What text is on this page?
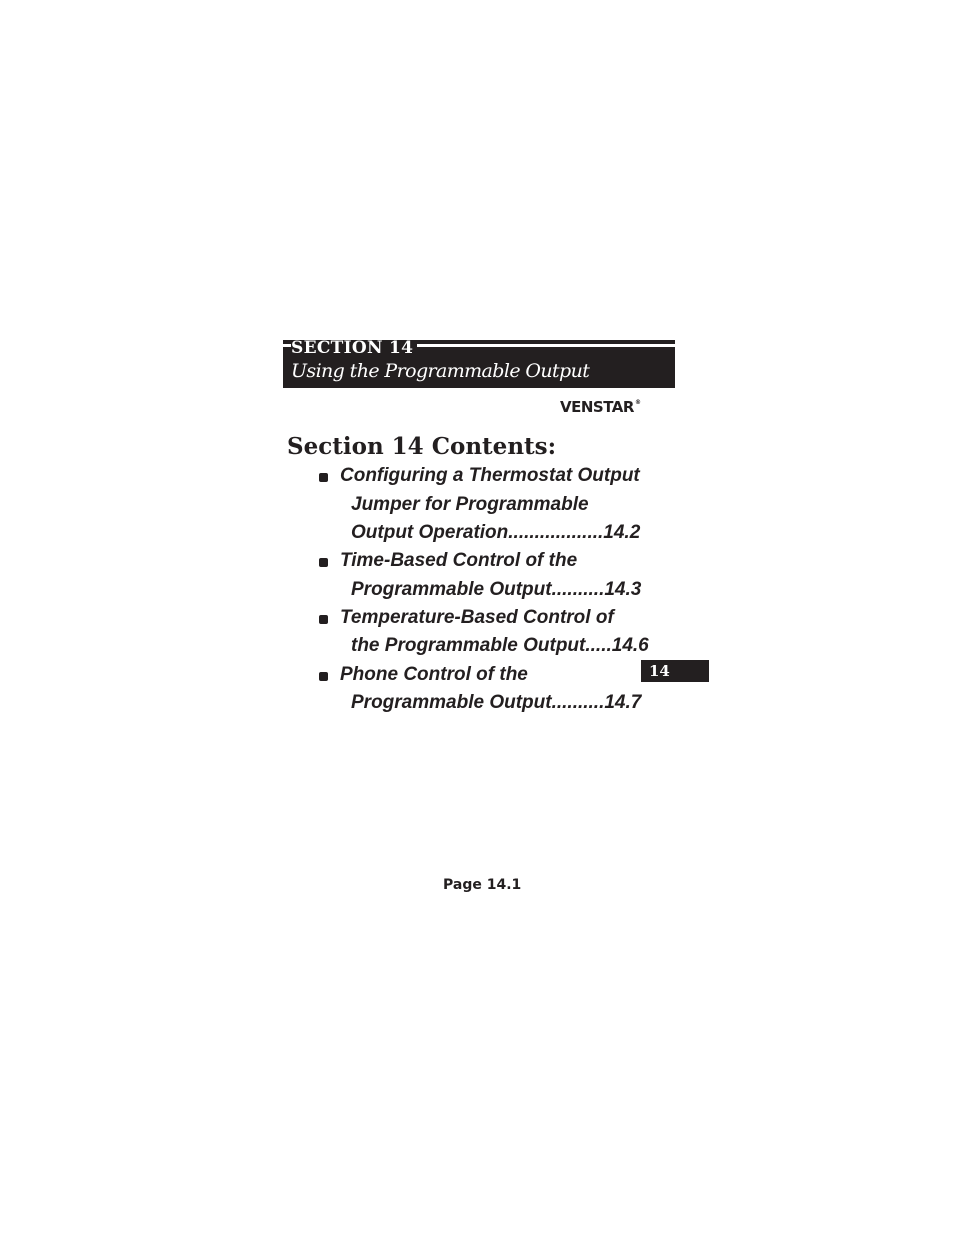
SECTION 14
Using the Programmable Output
VENSTAR®
Section 14 Contents:
Configuring a Thermostat Output
Jumper for Programmable
Output Operation..................14.2
Time-Based Control of the
Programmable Output..........14.3
Temperature-Based Control of
the Programmable Output.....14.6
Phone Control of the
Programmable Output..........14.7
14
Page 14.1
